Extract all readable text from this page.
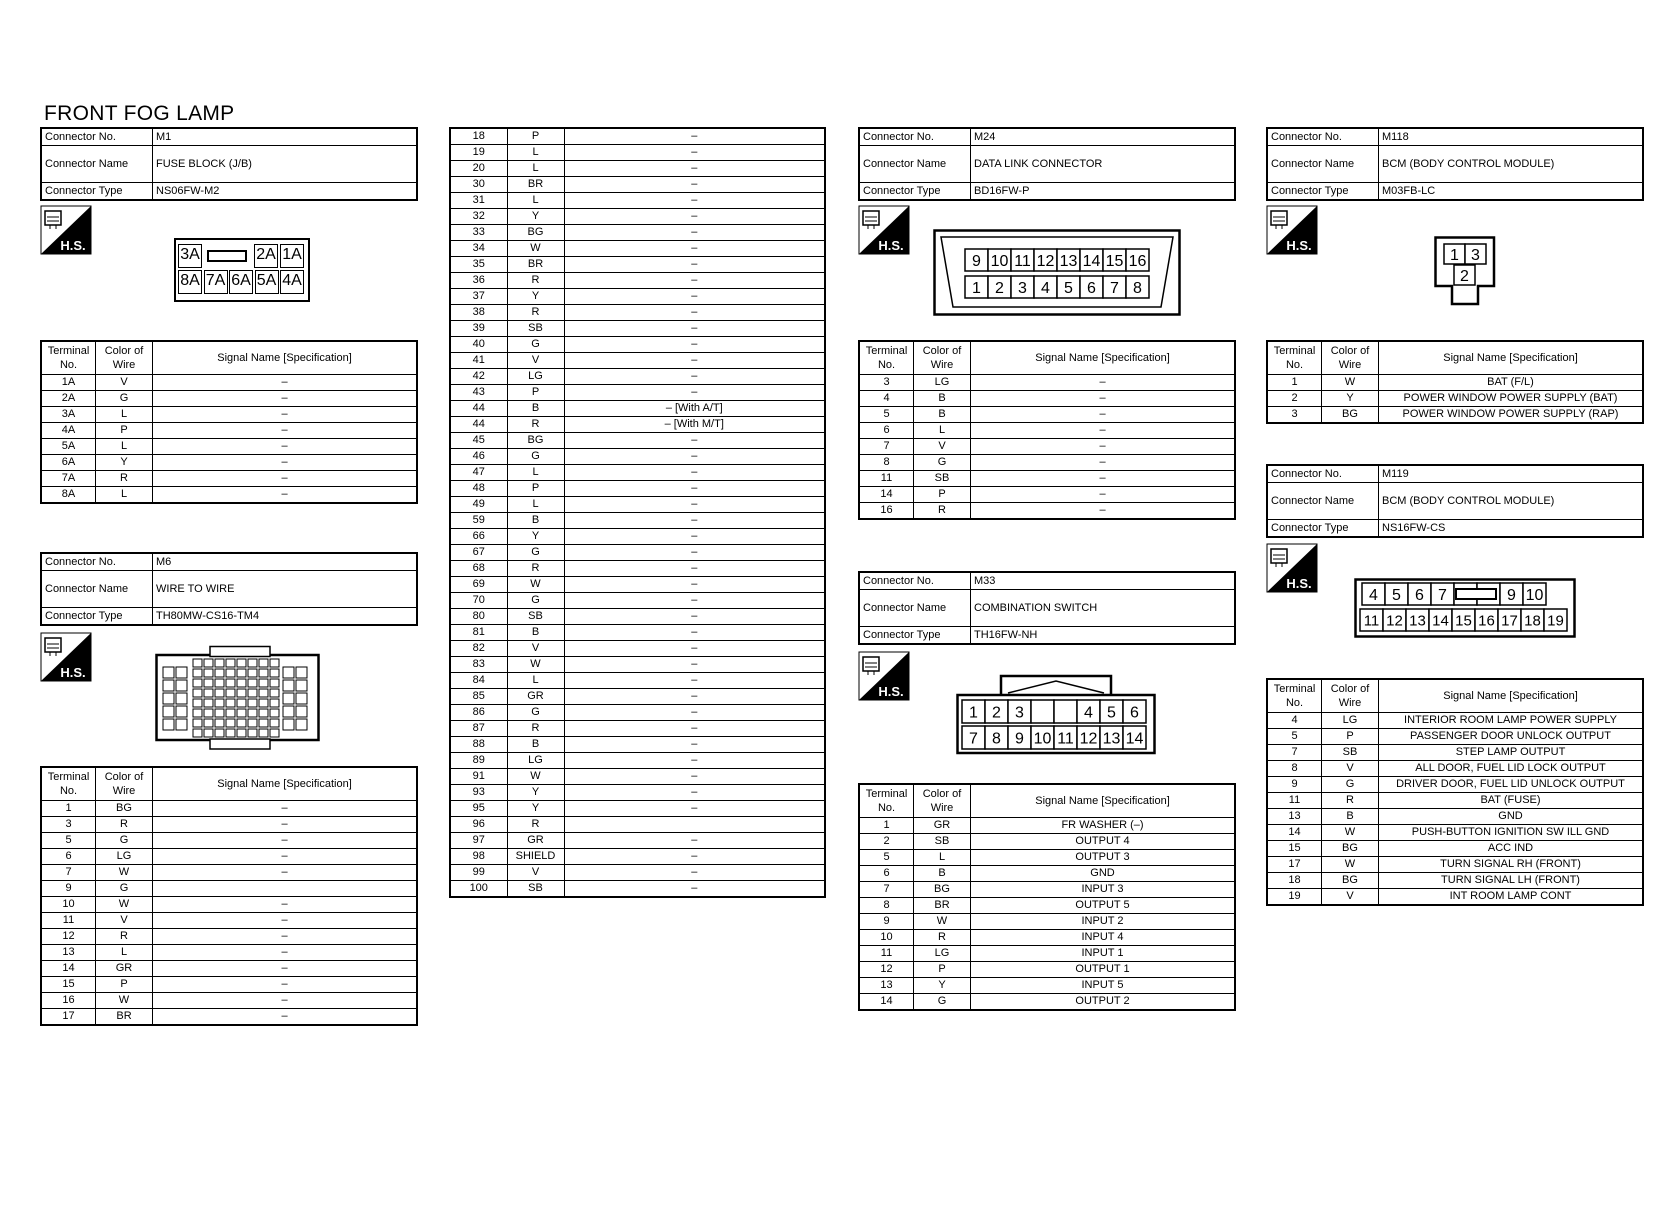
FRONT FOG LAMP
Connector No.	M1
Connector Name	FUSE BLOCK (J/B)
Connector Type	NS06FW-M2
H.S.
3A	2A 1A
8A 7A 6A 5A 4A
Terminal No.	Color of Wire	Signal Name [Specification]
1A	V	–
2A	G	–
3A	L	–
4A	P	–
5A	L	–
6A	Y	–
7A	R	–
8A	L	–
Connector No.	M6
Connector Name	WIRE TO WIRE
Connector Type	TH80MW-CS16-TM4
H.S.
Terminal No.	Color of Wire	Signal Name [Specification]
1	BG	–
3	R	–
5	G	–
6	LG	–
7	W	–
9	G	
10	W	–
11	V	–
12	R	–
13	L	–
14	GR	–
15	P	–
16	W	–
17	BR	–
18	P	–
19	L	–
20	L	–
30	BR	–
31	L	–
32	Y	–
33	BG	–
34	W	–
35	BR	–
36	R	–
37	Y	–
38	R	–
39	SB	–
40	G	–
41	V	–
42	LG	–
43	P	–
44	B	– [With A/T]
44	R	– [With M/T]
45	BG	–
46	G	–
47	L	–
48	P	–
49	L	–
59	B	–
66	Y	–
67	G	–
68	R	–
69	W	–
70	G	–
80	SB	–
81	B	–
82	V	–
83	W	–
84	L	–
85	GR	–
86	G	–
87	R	–
88	B	–
89	LG	–
91	W	–
93	Y	–
95	Y	–
96	R	
97	GR	–
98	SHIELD	–
99	V	–
100	SB	–
Connector No.	M24
Connector Name	DATA LINK CONNECTOR
Connector Type	BD16FW-P
H.S.
9 10 11 12 13 14 15 16
1 2 3 4 5 6 7 8
Terminal No.	Color of Wire	Signal Name [Specification]
3	LG	–
4	B	–
5	B	–
6	L	–
7	V	–
8	G	–
11	SB	–
14	P	–
16	R	–
Connector No.	M33
Connector Name	COMBINATION SWITCH
Connector Type	TH16FW-NH
H.S.
1 2 3	4 5 6
7 8 9 10 11 12 13 14
Terminal No.	Color of Wire	Signal Name [Specification]
1	GR	FR WASHER (–)
2	SB	OUTPUT 4
5	L	OUTPUT 3
6	B	GND
7	BG	INPUT 3
8	BR	OUTPUT 5
9	W	INPUT 2
10	R	INPUT 4
11	LG	INPUT 1
12	P	OUTPUT 1
13	Y	INPUT 5
14	G	OUTPUT 2
Connector No.	M118
Connector Name	BCM (BODY CONTROL MODULE)
Connector Type	M03FB-LC
H.S.
1 3
2
Terminal No.	Color of Wire	Signal Name [Specification]
1	W	BAT (F/L)
2	Y	POWER WINDOW POWER SUPPLY (BAT)
3	BG	POWER WINDOW POWER SUPPLY (RAP)
Connector No.	M119
Connector Name	BCM (BODY CONTROL MODULE)
Connector Type	NS16FW-CS
H.S.
4 5 6 7	9 10
11 12 13 14 15 16 17 18 19
Terminal No.	Color of Wire	Signal Name [Specification]
4	LG	INTERIOR ROOM LAMP POWER SUPPLY
5	P	PASSENGER DOOR UNLOCK OUTPUT
7	SB	STEP LAMP OUTPUT
8	V	ALL DOOR, FUEL LID LOCK OUTPUT
9	G	DRIVER DOOR, FUEL LID UNLOCK OUTPUT
11	R	BAT (FUSE)
13	B	GND
14	W	PUSH-BUTTON IGNITION SW ILL GND
15	BG	ACC IND
17	W	TURN SIGNAL RH (FRONT)
18	BG	TURN SIGNAL LH (FRONT)
19	V	INT ROOM LAMP CONT
